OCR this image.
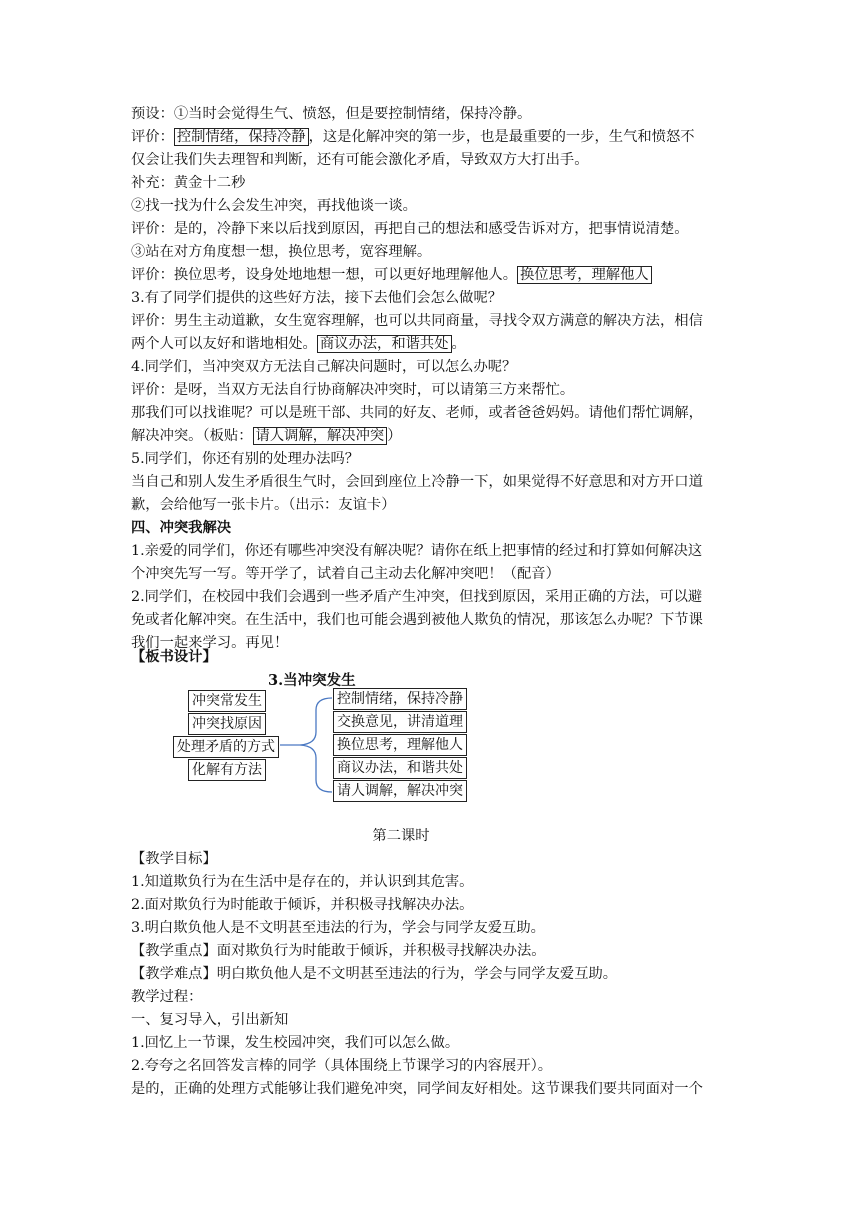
预设：①当时会觉得生气、愤怒，但是要控制情绪，保持冷静。
评价： 控制情绪，保持冷静 ，这是化解冲突的第一步，也是最重要的一步，生气和愤怒不
仅会让我们失去理智和判断，还有可能会激化矛盾，导致双方大打出手。
补充：黄金十二秒
②找一找为什么会发生冲突，再找他谈一谈。
评价：是的，冷静下来以后找到原因，再把自己的想法和感受告诉对方，把事情说清楚。
③站在对方角度想一想，换位思考，宽容理解。
评价：换位思考，设身处地地想一想，可以更好地理解他人。 换位思考，理解他人
3.有了同学们提供的这些好方法，接下去他们会怎么做呢？
评价：男生主动道歉，女生宽容理解，也可以共同商量，寻找令双方满意的解决方法，相信
两个人可以友好和谐地相处。 商议办法，和谐共处 。
4.同学们，当冲突双方无法自己解决问题时，可以怎么办呢？
评价：是呀，当双方无法自行协商解决冲突时，可以请第三方来帮忙。
那我们可以找谁呢？可以是班干部、共同的好友、老师，或者爸爸妈妈。请他们帮忙调解，
解决冲突。（板贴： 请人调解，解决冲突 ）
5.同学们，你还有别的处理办法吗？
当自己和别人发生矛盾很生气时，会回到座位上冷静一下，如果觉得不好意思和对方开口道
歉，会给他写一张卡片。（出示：友谊卡）
四、冲突我解决
1.亲爱的同学们，你还有哪些冲突没有解决呢？请你在纸上把事情的经过和打算如何解决这
个冲突先写一写。等开学了，试着自己主动去化解冲突吧！（配音）
2.同学们，在校园中我们会遇到一些矛盾产生冲突，但找到原因，采用正确的方法，可以避
免或者化解冲突。在生活中，我们也可能会遇到被他人欺负的情况，那该怎么办呢？下节课
我们一起来学习。再见！
【板书设计】
3.当冲突发生
冲突常发生
冲突找原因
处理矛盾的方式
化解有方法
控制情绪，保持冷静
交换意见，讲清道理
换位思考，理解他人
商议办法，和谐共处
请人调解，解决冲突
第二课时
【教学目标】
1.知道欺负行为在生活中是存在的，并认识到其危害。
2.面对欺负行为时能敢于倾诉，并积极寻找解决办法。
3.明白欺负他人是不文明甚至违法的行为，学会与同学友爱互助。
【教学重点】面对欺负行为时能敢于倾诉，并积极寻找解决办法。
【教学难点】明白欺负他人是不文明甚至违法的行为，学会与同学友爱互助。
教学过程：
一、复习导入，引出新知
1.回忆上一节课，发生校园冲突，我们可以怎么做。
2.夸夸之名回答发言棒的同学（具体围绕上节课学习的内容展开）。
是的，正确的处理方式能够让我们避免冲突，同学间友好相处。这节课我们要共同面对一个
